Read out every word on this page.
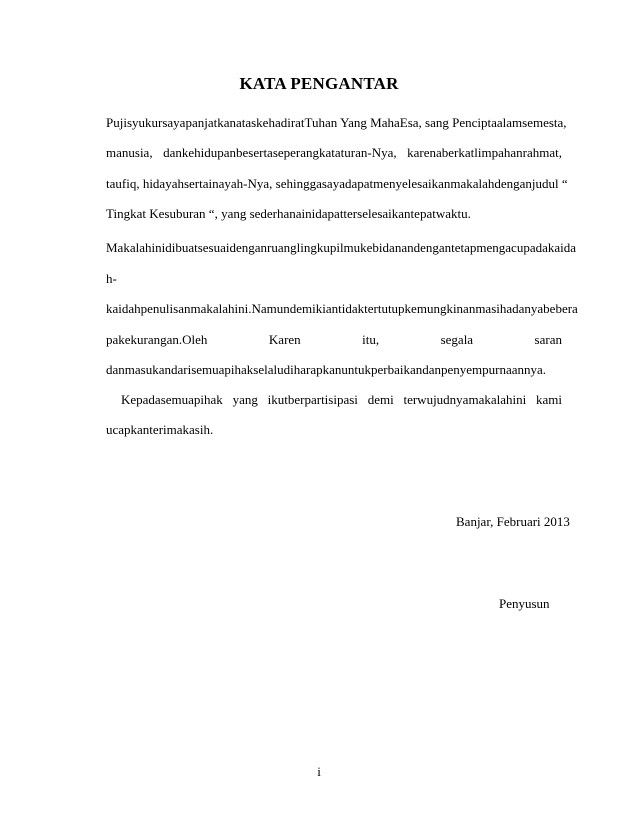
KATA PENGANTAR
PujisyukursayapanjatkanataskehadiratTuhan Yang MahaEsa, sang Penciptaalamsemesta,
manusia, dankehidupanbesertaseperangkataturan-Nya, karenaberkatlimpahanrahmat,
taufiq, hidayahsertainayah-Nya, sehinggasayadapatmenyelesaikanmakalahdenganjudul “
Tingkat Kesuburan “, yang sederhanainidapatterselesaikantepatwaktu.
Makalahinidibuatsesuaidenganruanglingkupilmukebidanandengantetapmengacupadakaida
h-
kaidahpenulisanmakalahini.Namundemikiantidaktertutupkemungkinanmasihadanyabebera
pakekurangan.Oleh	Karen	itu,	segala	saran
danmasukandarisemuapihakselaludiharapkanuntukperbaikandanpenyempurnaannya.
Kepadasemuapihak yang ikutberpartisipasi demi terwujudnyamakalahini kami
ucapkanterimakasih.
Banjar, Februari 2013
Penyusun
i
